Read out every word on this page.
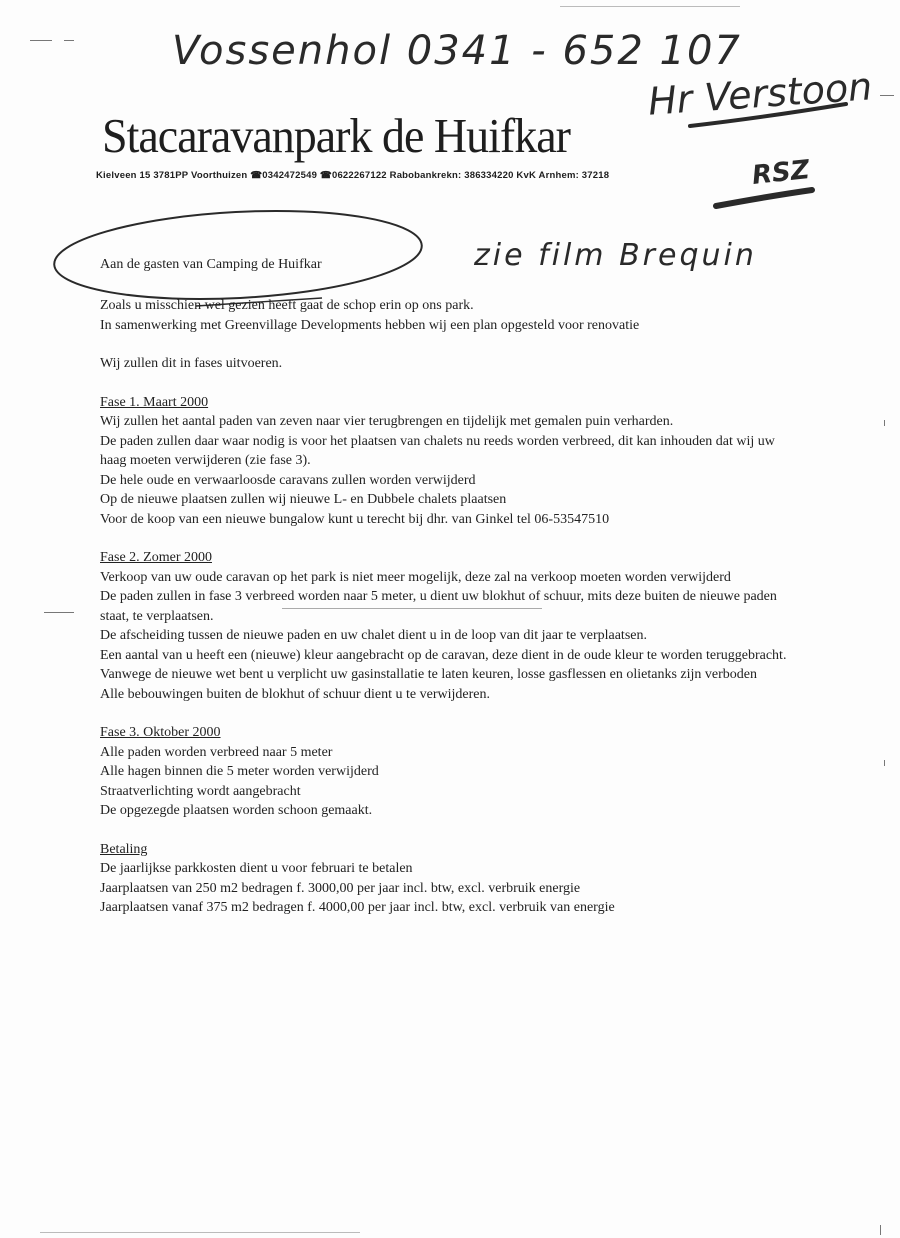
Vossenhol 0341 - 652 107
Hr Verstoon
RSZ
zie film Brequin
Stacaravanpark de Huifkar
Kielveen 15 3781PP Voorthuizen ☎0342472549 ☎0622267122 Rabobankrekn: 386334220 KvK Arnhem: 37218

Aan de gasten van Camping de Huifkar

Zoals u misschien wel gezien heeft gaat de schop erin op ons park.

In samenwerking met Greenvillage Developments hebben wij een plan opgesteld voor renovatie

Wij zullen dit in fases uitvoeren.

Fase 1. Maart 2000

Wij zullen het aantal paden van zeven naar vier terugbrengen en tijdelijk met gemalen puin verharden.

De paden zullen daar waar nodig is voor het plaatsen van chalets nu reeds worden verbreed, dit kan inhouden dat wij uw haag moeten verwijderen (zie fase 3).

De hele oude en verwaarloosde caravans zullen worden verwijderd

Op de nieuwe plaatsen zullen wij nieuwe L- en Dubbele chalets plaatsen

Voor de koop van een nieuwe bungalow kunt u terecht bij dhr. van Ginkel tel 06-53547510

Fase 2. Zomer 2000

Verkoop van uw oude caravan op het park is niet meer mogelijk, deze zal na verkoop moeten worden verwijderd

De paden zullen in fase 3 verbreed worden naar 5 meter, u dient uw blokhut of schuur, mits deze buiten de nieuwe paden staat, te verplaatsen.

De afscheiding tussen de nieuwe paden en uw chalet dient u in de loop van dit jaar te verplaatsen.

Een aantal van u heeft een (nieuwe) kleur aangebracht op de caravan, deze dient in de oude kleur te worden teruggebracht.

Vanwege de nieuwe wet bent u verplicht uw gasinstallatie te laten keuren, losse gasflessen en olietanks zijn verboden

Alle bebouwingen buiten de blokhut of schuur dient u te verwijderen.

Fase 3. Oktober 2000

Alle paden worden verbreed naar 5 meter

Alle hagen binnen die 5 meter worden verwijderd

Straatverlichting wordt aangebracht

De opgezegde plaatsen worden schoon gemaakt.

Betaling

De jaarlijkse parkkosten dient u voor februari te betalen

Jaarplaatsen van 250 m2 bedragen f. 3000,00 per jaar incl. btw, excl. verbruik energie

Jaarplaatsen vanaf 375 m2 bedragen f. 4000,00 per jaar incl. btw, excl. verbruik van energie
